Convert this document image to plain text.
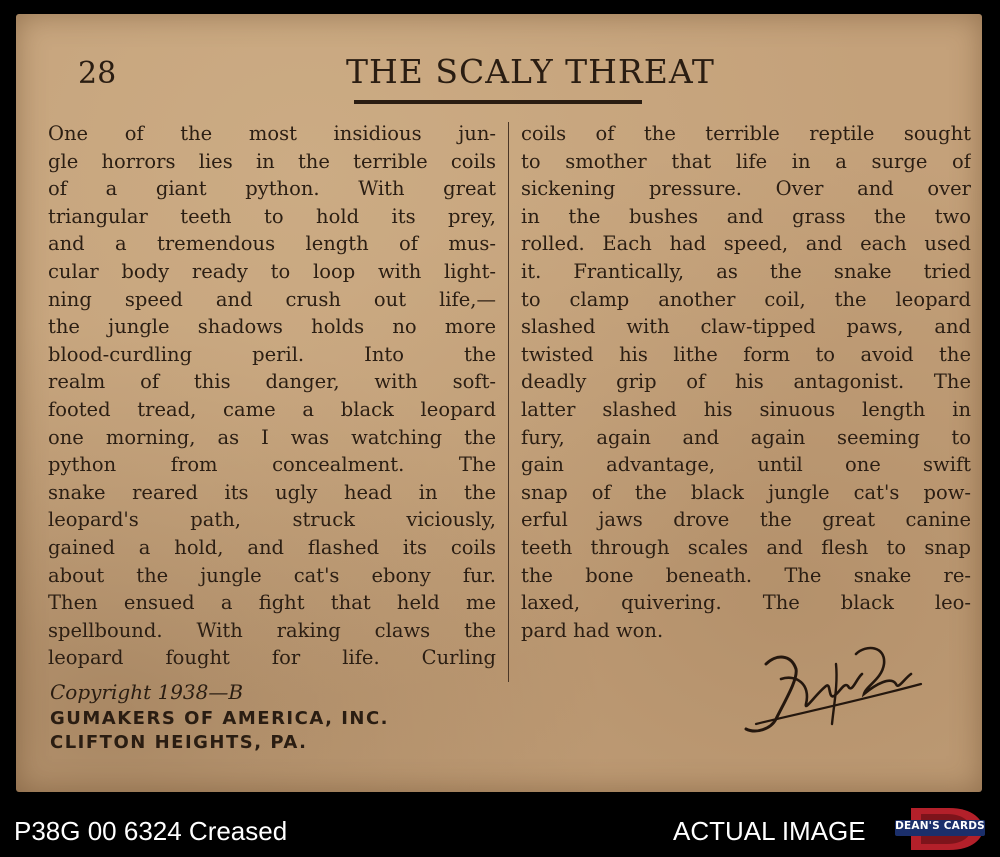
28	THE SCALY THREAT
One of the most insidious jun-
gle horrors lies in the terrible coils
of a giant python. With great
triangular teeth to hold its prey,
and a tremendous length of mus-
cular body ready to loop with light-
ning speed and crush out life,—
the jungle shadows holds no more
blood-curdling peril. Into the
realm of this danger, with soft-
footed tread, came a black leopard
one morning, as I was watching the
python from concealment. The
snake reared its ugly head in the
leopard's path, struck viciously,
gained a hold, and flashed its coils
about the jungle cat's ebony fur.
Then ensued a fight that held me
spellbound. With raking claws the
leopard fought for life. Curling
coils of the terrible reptile sought
to smother that life in a surge of
sickening pressure. Over and over
in the bushes and grass the two
rolled. Each had speed, and each used
it. Frantically, as the snake tried
to clamp another coil, the leopard
slashed with claw-tipped paws, and
twisted his lithe form to avoid the
deadly grip of his antagonist. The
latter slashed his sinuous length in
fury, again and again seeming to
gain advantage, until one swift
snap of the black jungle cat's pow-
erful jaws drove the great canine
teeth through scales and flesh to snap
the bone beneath. The snake re-
laxed, quivering. The black leo-
pard had won.
Copyright 1938—B
GUMAKERS OF AMERICA, INC.
CLIFTON HEIGHTS, PA.
P38G 00 6324 Creased	ACTUAL IMAGE	DEAN'S CARDS
